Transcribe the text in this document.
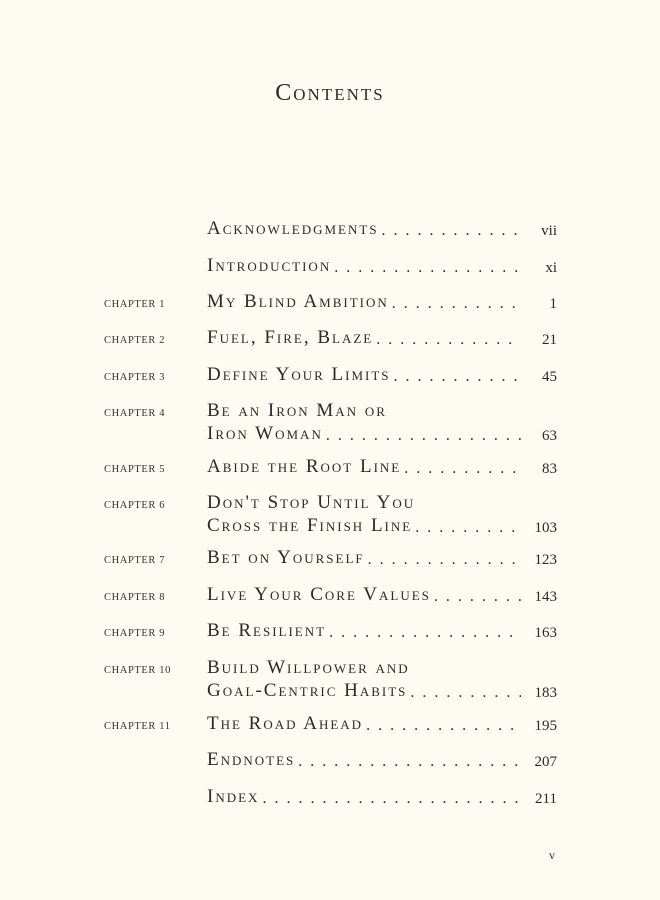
Contents
Acknowledgments . . .	vii
Introduction . . .	xi
CHAPTER 1 My Blind Ambition . . .	1
CHAPTER 2 Fuel, Fire, Blaze . . .	21
CHAPTER 3 Define Your Limits . . .	45
CHAPTER 4 Be an Iron Man or
Iron Woman . . .	63
CHAPTER 5 Abide the Root Line . . .	83
CHAPTER 6 Don't Stop Until You
Cross the Finish Line . . .	103
CHAPTER 7 Bet on Yourself . . .	123
CHAPTER 8 Live Your Core Values . . .	143
CHAPTER 9 Be Resilient . . .	163
CHAPTER 10 Build Willpower and
Goal-Centric Habits . . .	183
CHAPTER 11 The Road Ahead . . .	195
Endnotes . . .	207
Index . . .	211
v
